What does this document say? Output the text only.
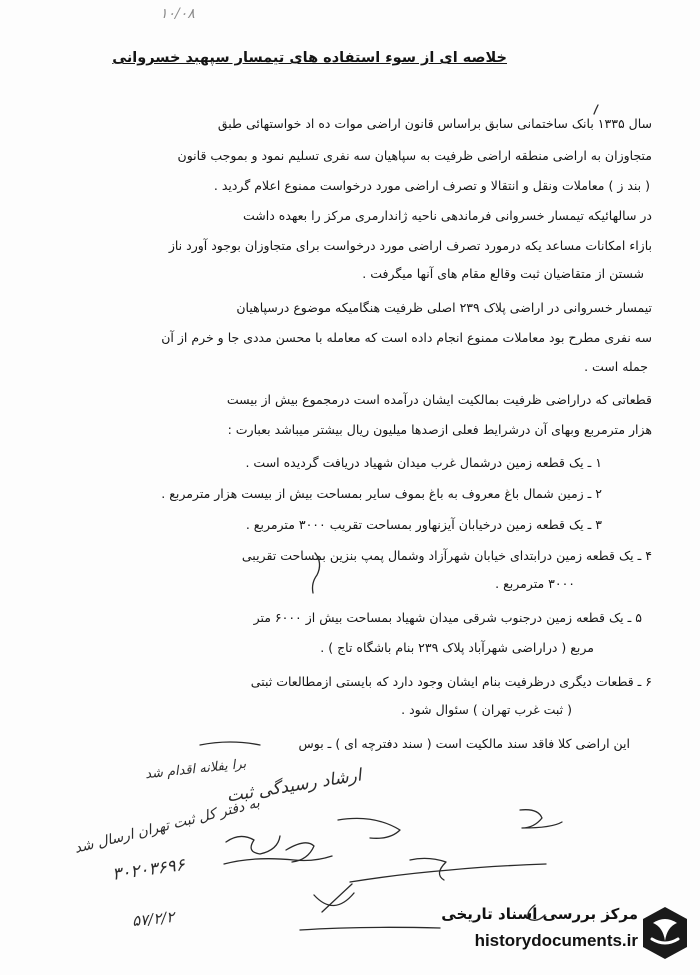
۱۰/۰۸
خلاصه ای از سوء استفاده های تیمسار سپهبد خسروانی
سال ۱۳۳۵ بانک ساختمانی سابق براساس قانون اراضی موات ده اد خواستهائی طبق
متجاوزان به اراضی منطقه اراضی ظرفیت به سپاهیان سه نفری تسلیم نمود و بموجب قانون
( بند ز ) معاملات ونقل و انتقالا و تصرف اراضی مورد درخواست ممنوع اعلام گردید .
در سالهائیکه تیمسار خسروانی فرماندهی ناحیه ژاندارمری مرکز را بعهده داشت
بازاء امکانات مساعد یکه درمورد تصرف اراضی مورد درخواست برای متجاوزان بوجود آورد ناز
شستن از متقاضیان ثبت وقالع مقام های آنها میگرفت .
تیمسار خسروانی در اراضی پلاک ۲۳۹ اصلی ظرفیت هنگامیکه موضوع درسپاهیان
سه نفری مطرح بود معاملات ممنوع انجام داده است که معامله با محسن مددی جا و خرم از آن
جمله است .
قطعاتی که دراراضی ظرفیت بمالکیت ایشان درآمده است درمجموع بیش از بیست
هزار مترمربع وبهای آن درشرایط فعلی ازصدها میلیون ریال بیشتر میباشد بعبارت :
۱ ـ یک قطعه زمین درشمال غرب میدان شهیاد دریافت گردیده است .
۲ ـ زمین شمال باغ معروف به باغ بموف سایر بمساحت بیش از بیست هزار مترمربع .
۳ ـ یک قطعه زمین درخیابان آیزنهاور بمساحت تقریب ۳۰۰۰ مترمربع .
۴ ـ یک قطعه زمین درابتدای خیابان شهرآزاد وشمال پمپ بنزین بمساحت تقریبی
۳۰۰۰ مترمربع .
۵ ـ یک قطعه زمین درجنوب شرقی میدان شهیاد بمساحت بیش از ۶۰۰۰ متر
مربع ( دراراضی شهرآباد پلاک ۲۳۹ بنام باشگاه تاج ) .
۶ ـ قطعات دیگری درظرفیت بنام ایشان وجود دارد که بایستی ازمطالعات ثبتی
( ثبت غرب تهران ) سئوال شود .
این اراضی کلا فاقد سند مالکیت است ( سند دفترچه ای ) ـ بوس
برا یفلانه اقدام شد
ارشاد رسیدگی ثبت
به دفتر کل ثبت تهران ارسال شد
۳۰۲۰۳۶۹۶
۵۷/۲/۲	مرکز بررسی اسناد تاریخی
historydocuments.ir
